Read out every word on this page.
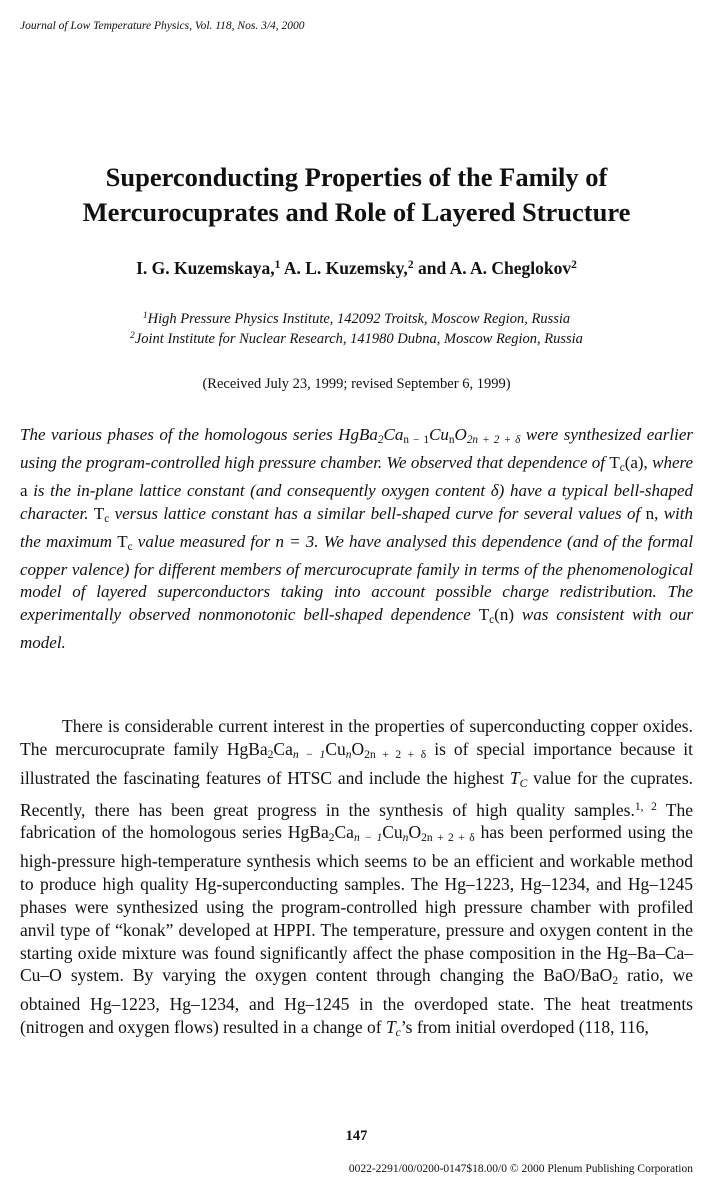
Journal of Low Temperature Physics, Vol. 118, Nos. 3/4, 2000
Superconducting Properties of the Family of
Mercurocuprates and Role of Layered Structure
I. G. Kuzemskaya,$^1$ A. L. Kuzemsky,$^2$ and A. A. Cheglokov$^2$
$^1$High Pressure Physics Institute, 142092 Troitsk, Moscow Region, Russia
$^2$Joint Institute for Nuclear Research, 141980 Dubna, Moscow Region, Russia
(Received July 23, 1999; revised September 6, 1999)
The various phases of the homologous series HgBa2Can − 1CunO2n + 2 + δ were synthesized earlier using the program-controlled high pressure chamber. We observed that dependence of Tc(a), where a is the in-plane lattice constant (and consequently oxygen content δ) have a typical bell-shaped character. Tc versus lattice constant has a similar bell-shaped curve for several values of n, with the maximum Tc value measured for n = 3. We have analysed this dependence (and of the formal copper valence) for different members of mercurocuprate family in terms of the phenomenological model of layered superconductors taking into account possible charge redistribution. The experimentally observed nonmonotonic bell-shaped dependence Tc(n) was consistent with our model.
There is considerable current interest in the properties of superconducting copper oxides. The mercurocuprate family HgBa2Can − 1CunO2n + 2 + δ is of special importance because it illustrated the fascinating features of HTSC and include the highest TC value for the cuprates. Recently, there has been great progress in the synthesis of high quality samples.$^{1, 2}$ The fabrication of the homologous series HgBa2Can − 1CunO2n + 2 + δ has been performed using the high-pressure high-temperature synthesis which seems to be an efficient and workable method to produce high quality Hg-superconducting samples. The Hg–1223, Hg–1234, and Hg–1245 phases were synthesized using the program-controlled high pressure chamber with profiled anvil type of “konak” developed at HPPI. The temperature, pressure and oxygen content in the starting oxide mixture was found significantly affect the phase composition in the Hg–Ba–Ca–Cu–O system. By varying the oxygen content through changing the BaO/BaO2 ratio, we obtained Hg–1223, Hg–1234, and Hg–1245 in the overdoped state. The heat treatments (nitrogen and oxygen flows) resulted in a change of Tc’s from initial overdoped (118, 116,
147
0022-2291/00/0200-0147$18.00/0 © 2000 Plenum Publishing Corporation
